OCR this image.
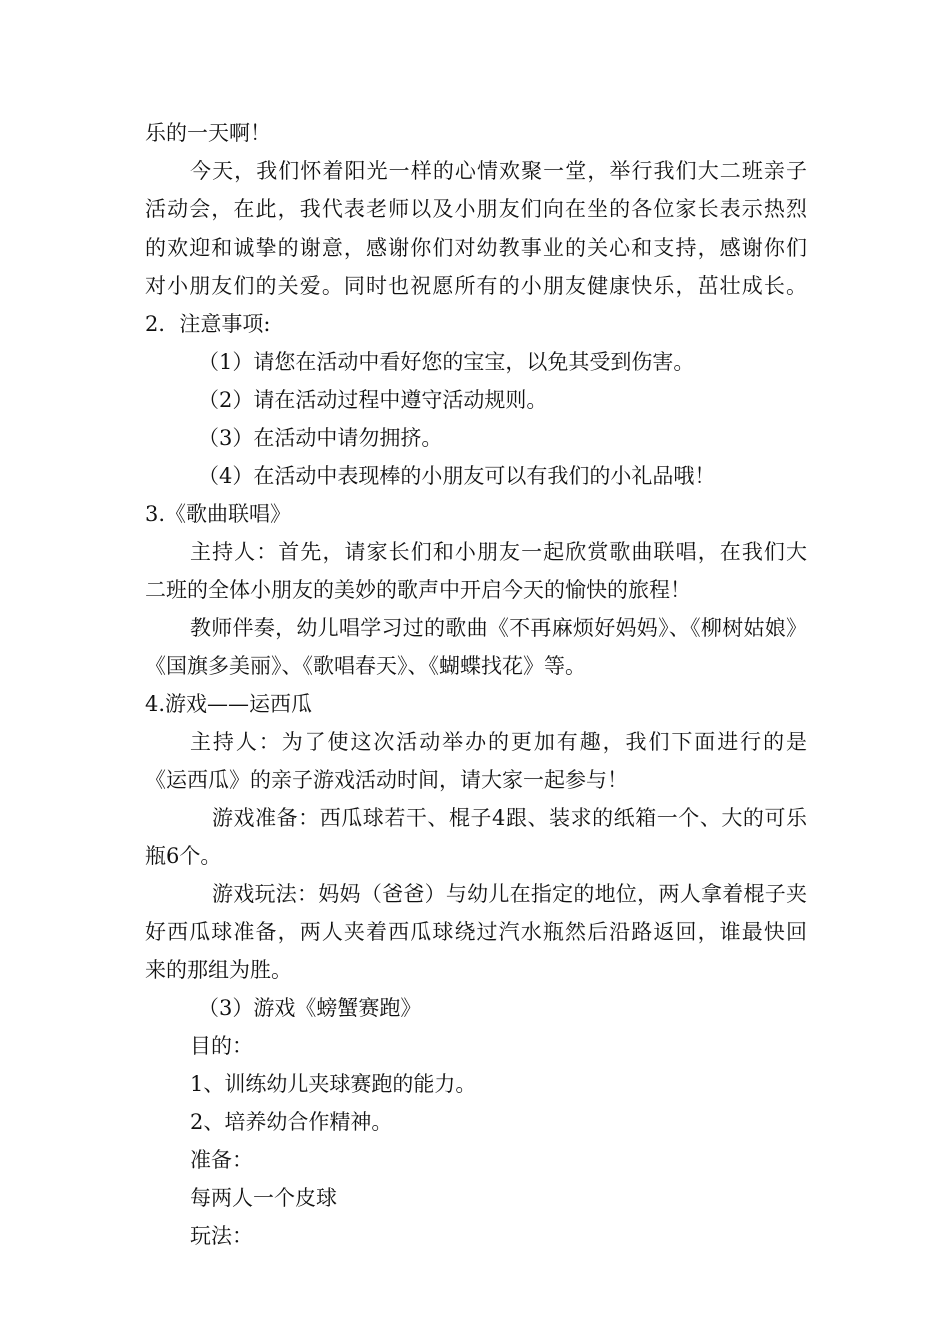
乐的一天啊！
今天，我们怀着阳光一样的心情欢聚一堂，举行我们大二班亲子
活动会，在此，我代表老师以及小朋友们向在坐的各位家长表示热烈
的欢迎和诚挚的谢意，感谢你们对幼教事业的关心和支持，感谢你们
对小朋友们的关爱。同时也祝愿所有的小朋友健康快乐，茁壮成长。
2．注意事项:
（1）请您在活动中看好您的宝宝，以免其受到伤害。
（2）请在活动过程中遵守活动规则。
（3）在活动中请勿拥挤。
（4）在活动中表现棒的小朋友可以有我们的小礼品哦！
3.《歌曲联唱》
主持人：首先，请家长们和小朋友一起欣赏歌曲联唱，在我们大
二班的全体小朋友的美妙的歌声中开启今天的愉快的旅程！
教师伴奏，幼儿唱学习过的歌曲《不再麻烦好妈妈》、《柳树姑娘》
《国旗多美丽》、《歌唱春天》、《蝴蝶找花》等。
4.游戏——运西瓜
主持人：为了使这次活动举办的更加有趣，我们下面进行的是
《运西瓜》的亲子游戏活动时间，请大家一起参与！
游戏准备：西瓜球若干、棍子4跟、装求的纸箱一个、大的可乐
瓶6个。
游戏玩法：妈妈（爸爸）与幼儿在指定的地位，两人拿着棍子夹
好西瓜球准备，两人夹着西瓜球绕过汽水瓶然后沿路返回，谁最快回
来的那组为胜。
（3）游戏《螃蟹赛跑》
目的：
1、训练幼儿夹球赛跑的能力。
2、培养幼合作精神。
准备：
每两人一个皮球
玩法：
